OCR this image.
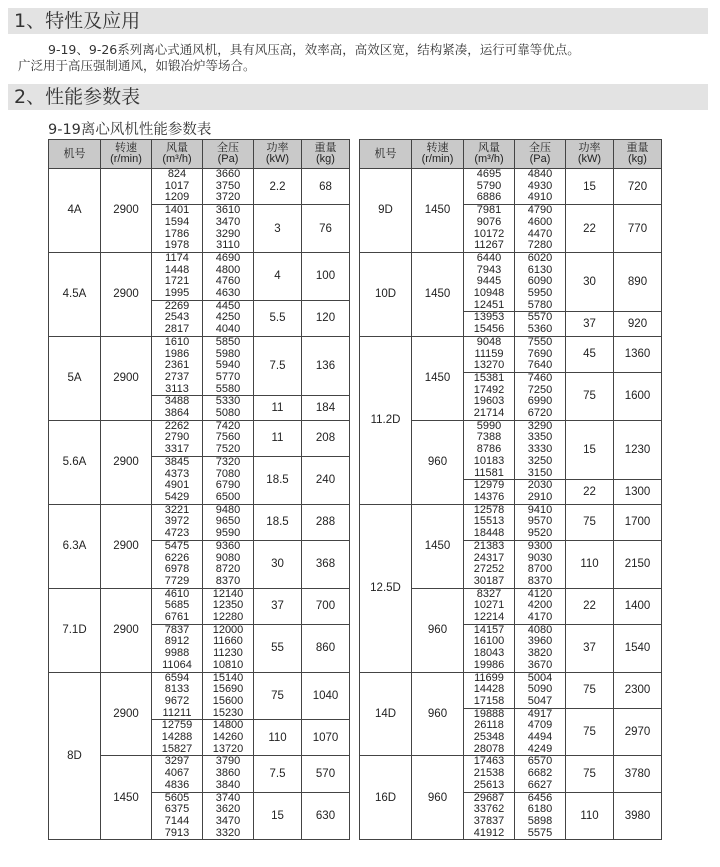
1、特性及应用
9-19、9-26系列离心式通风机，具有风压高，效率高，高效区宽，结构紧凑，运行可靠等优点。
广泛用于高压强制通风，如锻冶炉等场合。
2、性能参数表
9-19离心风机性能参数表
机号	转速
(r/min)	风量
(m³/h)	全压
(Pa)	功率
(kW)	重量
(kg)
4A	2900	824
1017
1209	3660
3750
3720	2.2	68
		1401
1594
1786
1978	3610
3470
3290
3110	3	76
4.5A	2900	1174
1448
1721
1995	4690
4800
4760
4630	4	100
		2269
2543
2817	4450
4250
4040	5.5	120
5A	2900	1610
1986
2361
2737
3113	5850
5980
5940
5770
5580	7.5	136
		3488
3864	5330
5080	11	184
5.6A	2900	2262
2790
3317	7420
7560
7520	11	208
		3845
4373
4901
5429	7320
7080
6790
6500	18.5	240
6.3A	2900	3221
3972
4723	9480
9650
9590	18.5	288
		5475
6226
6978
7729	9360
9080
8720
8370	30	368
7.1D	2900	4610
5685
6761	12140
12350
12280	37	700
		7837
8912
9988
11064	12000
11660
11230
10810	55	860
8D	2900	6594
8133
9672
11211	15140
15690
15600
15230	75	1040
		12759
14288
15827	14800
14260
13720	110	1070
	1450	3297
4067
4836	3790
3860
3840	7.5	570
		5605
6375
7144
7913	3740
3620
3470
3320	15	630
机号	转速
(r/min)	风量
(m³/h)	全压
(Pa)	功率
(kW)	重量
(kg)
9D	1450	4695
5790
6886	4840
4930
4910	15	720
		7981
9076
10172
11267	4790
4600
4470
7280	22	770
10D	1450	6440
7943
9445
10948
12451	6020
6130
6090
5950
5780	30	890
		13953
15456	5570
5360	37	920
11.2D	1450	9048
11159
13270	7550
7690
7640	45	1360
		15381
17492
19603
21714	7460
7250
6990
6720	75	1600
	960	5990
7388
8786
10183
11581	3290
3350
3330
3250
3150	15	1230
		12979
14376	2030
2910	22	1300
12.5D	1450	12578
15513
18448	9410
9570
9520	75	1700
		21383
24317
27252
30187	9300
9030
8700
8370	110	2150
	960	8327
10271
12214	4120
4200
4170	22	1400
		14157
16100
18043
19986	4080
3960
3820
3670	37	1540
14D	960	11699
14428
17158	5004
5090
5047	75	2300
		19888
26118
25348
28078	4917
4709
4494
4249	75	2970
16D	960	17463
21538
25613	6570
6682
6627	75	3780
		29687
33762
37837
41912	6456
6180
5898
5575	110	3980
